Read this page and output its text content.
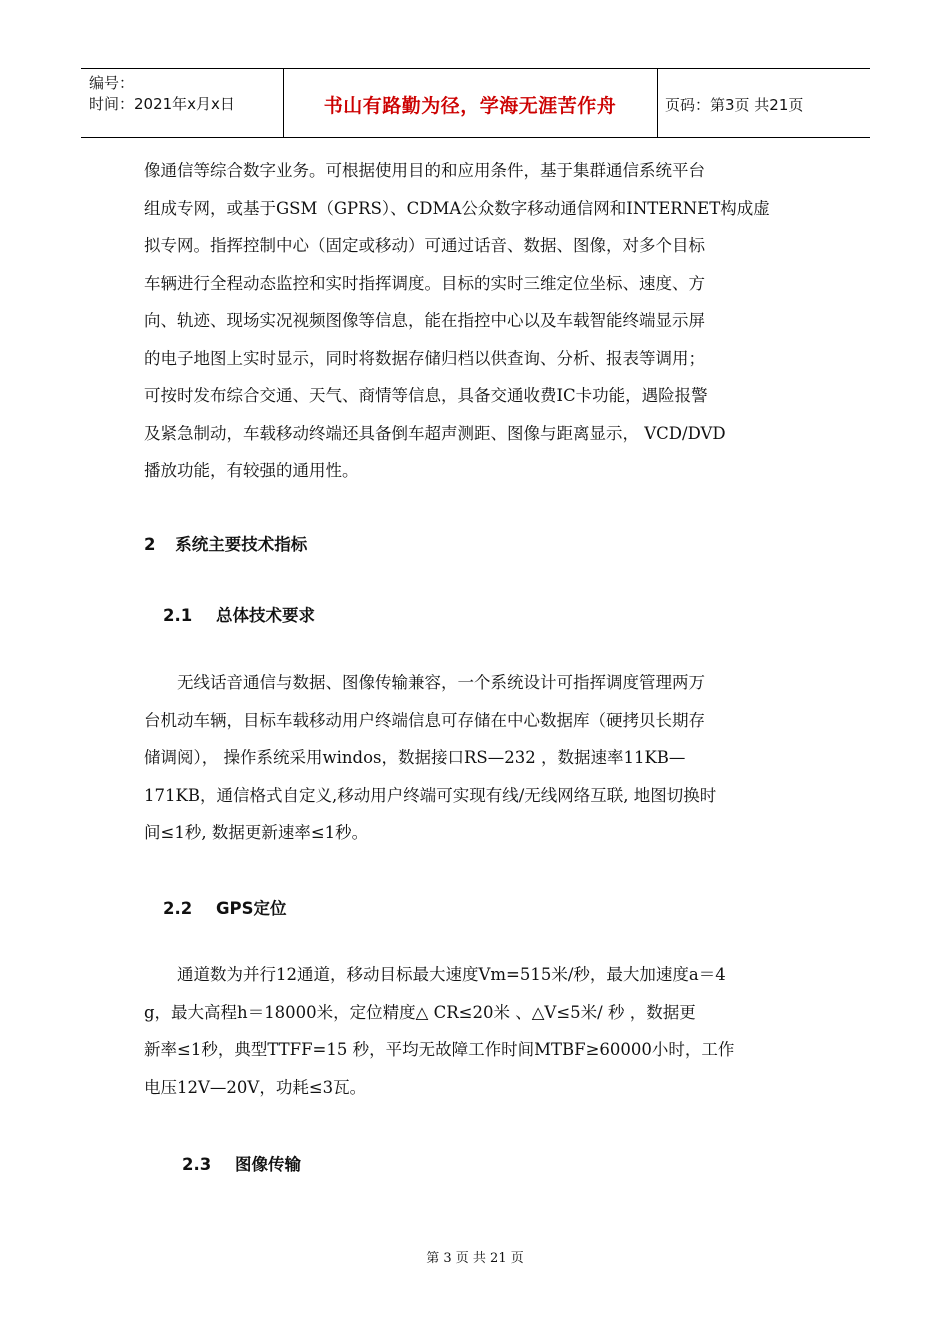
编号：
时间：2021年x月x日	书山有路勤为径，学海无涯苦作舟	页码：第3页 共21页
像通信等综合数字业务。可根据使用目的和应用条件，基于集群通信系统平台
组成专网，或基于GSM（GPRS）、CDMA公众数字移动通信网和INTERNET构成虚
拟专网。指挥控制中心（固定或移动）可通过话音、数据、图像，对多个目标
车辆进行全程动态监控和实时指挥调度。目标的实时三维定位坐标、速度、方
向、轨迹、现场实况视频图像等信息，能在指控中心以及车载智能终端显示屏
的电子地图上实时显示，同时将数据存储归档以供查询、分析、报表等调用；
可按时发布综合交通、天气、商情等信息，具备交通收费IC卡功能，遇险报警
及紧急制动，车载移动终端还具备倒车超声测距、图像与距离显示， VCD/DVD
播放功能，有较强的通用性。
2 系统主要技术指标
2.1 总体技术要求
　　无线话音通信与数据、图像传输兼容，一个系统设计可指挥调度管理两万
台机动车辆，目标车载移动用户终端信息可存储在中心数据库（硬拷贝长期存
储调阅）， 操作系统采用windos，数据接口RS—232 ，数据速率11KB—
171KB，通信格式自定义,移动用户终端可实现有线/无线网络互联, 地图切换时
间≤1秒, 数据更新速率≤1秒。
2.2 GPS定位
　　通道数为并行12通道，移动目标最大速度Vm=515米/秒，最大加速度a＝4
g，最大高程h＝18000米，定位精度△ CR≤20米 、△V≤5米/ 秒 ，数据更
新率≤1秒，典型TTFF=15 秒，平均无故障工作时间MTBF≥60000小时，工作
电压12V—20V，功耗≤3瓦。
2.3 图像传输
第 3 页 共 21 页
